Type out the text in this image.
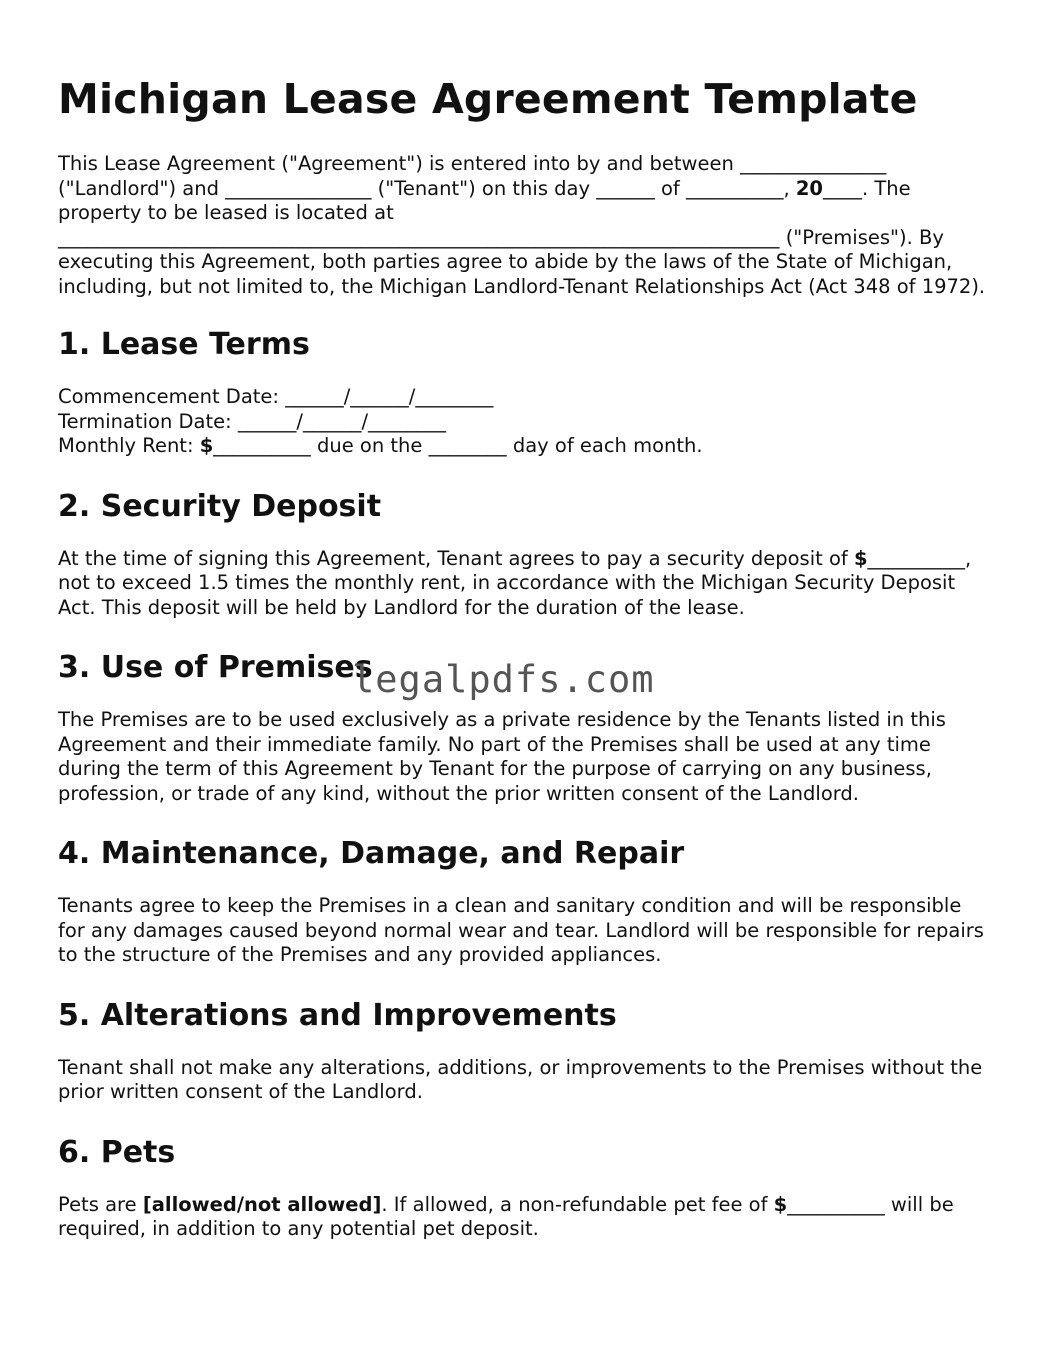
Michigan Lease Agreement Template

This Lease Agreement ("Agreement") is entered into by and between _______________ ("Landlord") and _______________ ("Tenant") on this day ______ of __________, 20____. The property to be leased is located at __________________________________________________________________________ ("Premises"). By executing this Agreement, both parties agree to abide by the laws of the State of Michigan, including, but not limited to, the Michigan Landlord-Tenant Relationships Act (Act 348 of 1972).

1. Lease Terms

Commencement Date: ______/______/________
Termination Date: ______/______/________
Monthly Rent: $__________ due on the ________ day of each month.

2. Security Deposit

At the time of signing this Agreement, Tenant agrees to pay a security deposit of $__________, not to exceed 1.5 times the monthly rent, in accordance with the Michigan Security Deposit Act. This deposit will be held by Landlord for the duration of the lease.

3. Use of Premises

The Premises are to be used exclusively as a private residence by the Tenants listed in this Agreement and their immediate family. No part of the Premises shall be used at any time during the term of this Agreement by Tenant for the purpose of carrying on any business, profession, or trade of any kind, without the prior written consent of the Landlord.

4. Maintenance, Damage, and Repair

Tenants agree to keep the Premises in a clean and sanitary condition and will be responsible for any damages caused beyond normal wear and tear. Landlord will be responsible for repairs to the structure of the Premises and any provided appliances.

5. Alterations and Improvements

Tenant shall not make any alterations, additions, or improvements to the Premises without the prior written consent of the Landlord.

6. Pets

Pets are [allowed/not allowed]. If allowed, a non-refundable pet fee of $__________ will be required, in addition to any potential pet deposit.

legalpdfs.com
